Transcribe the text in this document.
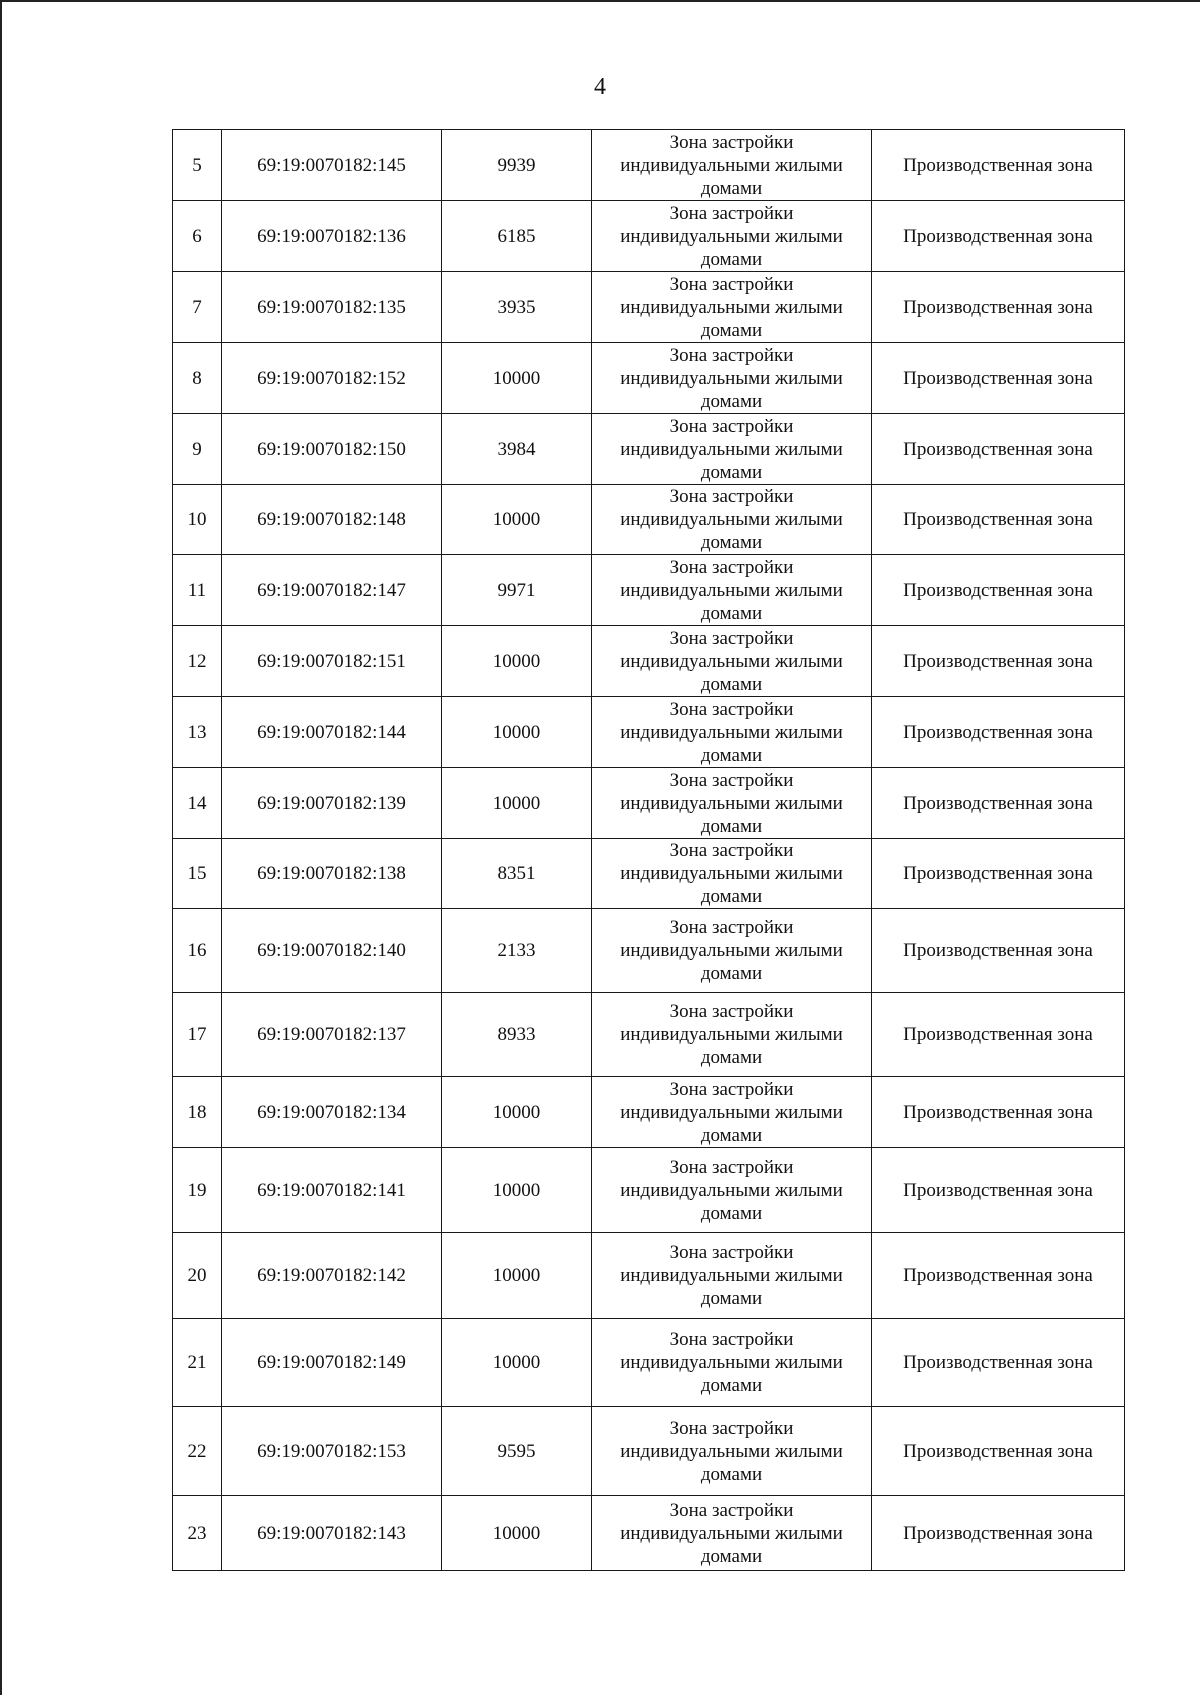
4
5	69:19:0070182:145	9939	Зона застройки индивидуальными жилыми домами	Производственная зона
6	69:19:0070182:136	6185	Зона застройки индивидуальными жилыми домами	Производственная зона
7	69:19:0070182:135	3935	Зона застройки индивидуальными жилыми домами	Производственная зона
8	69:19:0070182:152	10000	Зона застройки индивидуальными жилыми домами	Производственная зона
9	69:19:0070182:150	3984	Зона застройки индивидуальными жилыми домами	Производственная зона
10	69:19:0070182:148	10000	Зона застройки индивидуальными жилыми домами	Производственная зона
11	69:19:0070182:147	9971	Зона застройки индивидуальными жилыми домами	Производственная зона
12	69:19:0070182:151	10000	Зона застройки индивидуальными жилыми домами	Производственная зона
13	69:19:0070182:144	10000	Зона застройки индивидуальными жилыми домами	Производственная зона
14	69:19:0070182:139	10000	Зона застройки индивидуальными жилыми домами	Производственная зона
15	69:19:0070182:138	8351	Зона застройки индивидуальными жилыми домами	Производственная зона
16	69:19:0070182:140	2133	Зона застройки индивидуальными жилыми домами	Производственная зона
17	69:19:0070182:137	8933	Зона застройки индивидуальными жилыми домами	Производственная зона
18	69:19:0070182:134	10000	Зона застройки индивидуальными жилыми домами	Производственная зона
19	69:19:0070182:141	10000	Зона застройки индивидуальными жилыми домами	Производственная зона
20	69:19:0070182:142	10000	Зона застройки индивидуальными жилыми домами	Производственная зона
21	69:19:0070182:149	10000	Зона застройки индивидуальными жилыми домами	Производственная зона
22	69:19:0070182:153	9595	Зона застройки индивидуальными жилыми домами	Производственная зона
23	69:19:0070182:143	10000	Зона застройки индивидуальными жилыми домами	Производственная зона
